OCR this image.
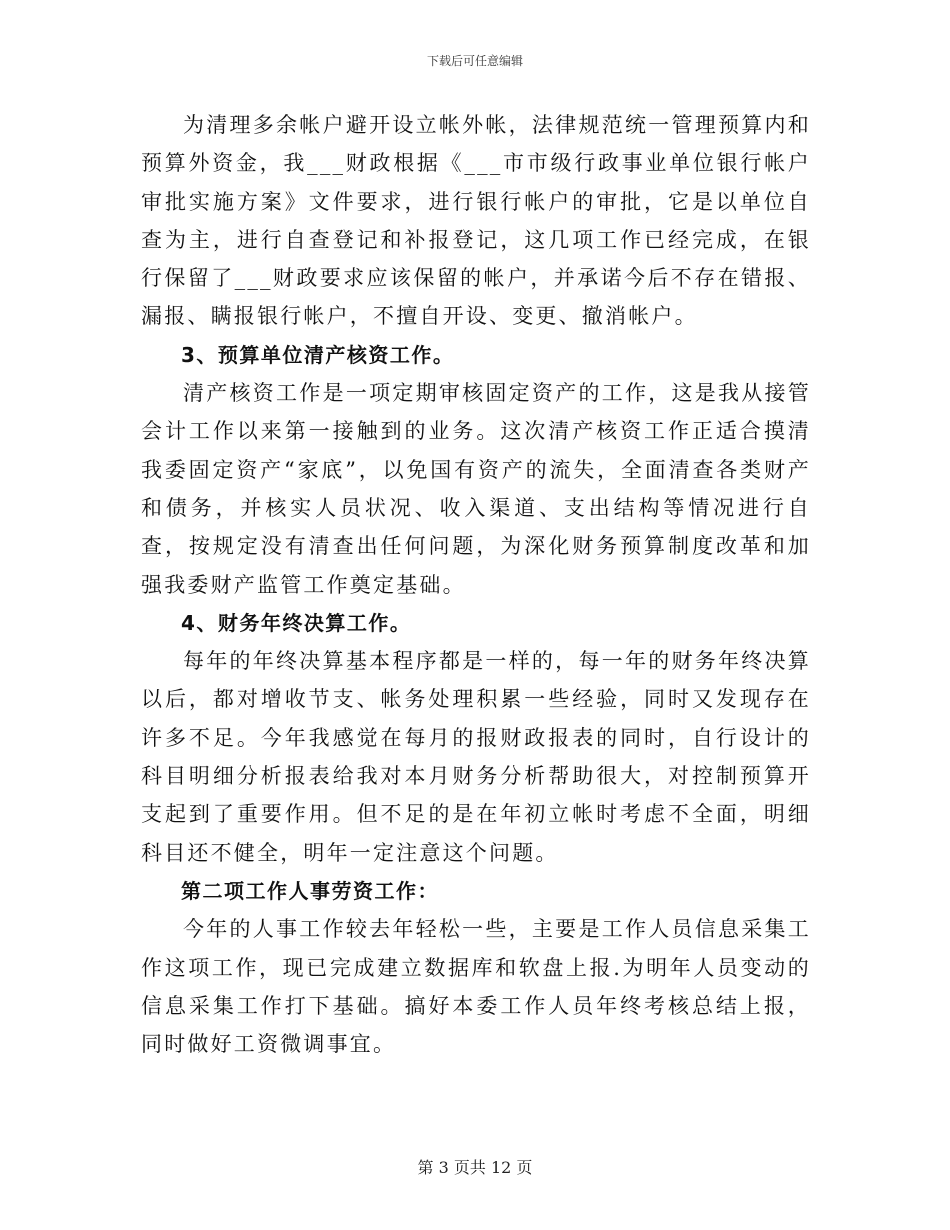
下载后可任意编辑

为清理多余帐户避开设立帐外帐，法律规范统一管理预算内和预算外资金，我___财政根据《___市市级行政事业单位银行帐户审批实施方案》文件要求，进行银行帐户的审批，它是以单位自查为主，进行自查登记和补报登记，这几项工作已经完成，在银行保留了___财政要求应该保留的帐户，并承诺今后不存在错报、漏报、瞒报银行帐户，不擅自开设、变更、撤消帐户。

3、预算单位清产核资工作。

清产核资工作是一项定期审核固定资产的工作，这是我从接管会计工作以来第一接触到的业务。这次清产核资工作正适合摸清我委固定资产“家底”，以免国有资产的流失，全面清查各类财产和债务，并核实人员状况、收入渠道、支出结构等情况进行自查，按规定没有清查出任何问题，为深化财务预算制度改革和加强我委财产监管工作奠定基础。

4、财务年终决算工作。

每年的年终决算基本程序都是一样的，每一年的财务年终决算以后，都对增收节支、帐务处理积累一些经验，同时又发现存在许多不足。今年我感觉在每月的报财政报表的同时，自行设计的科目明细分析报表给我对本月财务分析帮助很大，对控制预算开支起到了重要作用。但不足的是在年初立帐时考虑不全面，明细科目还不健全，明年一定注意这个问题。

第二项工作人事劳资工作：

今年的人事工作较去年轻松一些，主要是工作人员信息采集工作这项工作，现已完成建立数据库和软盘上报.为明年人员变动的信息采集工作打下基础。搞好本委工作人员年终考核总结上报，同时做好工资微调事宜。

第 3 页共 12 页
